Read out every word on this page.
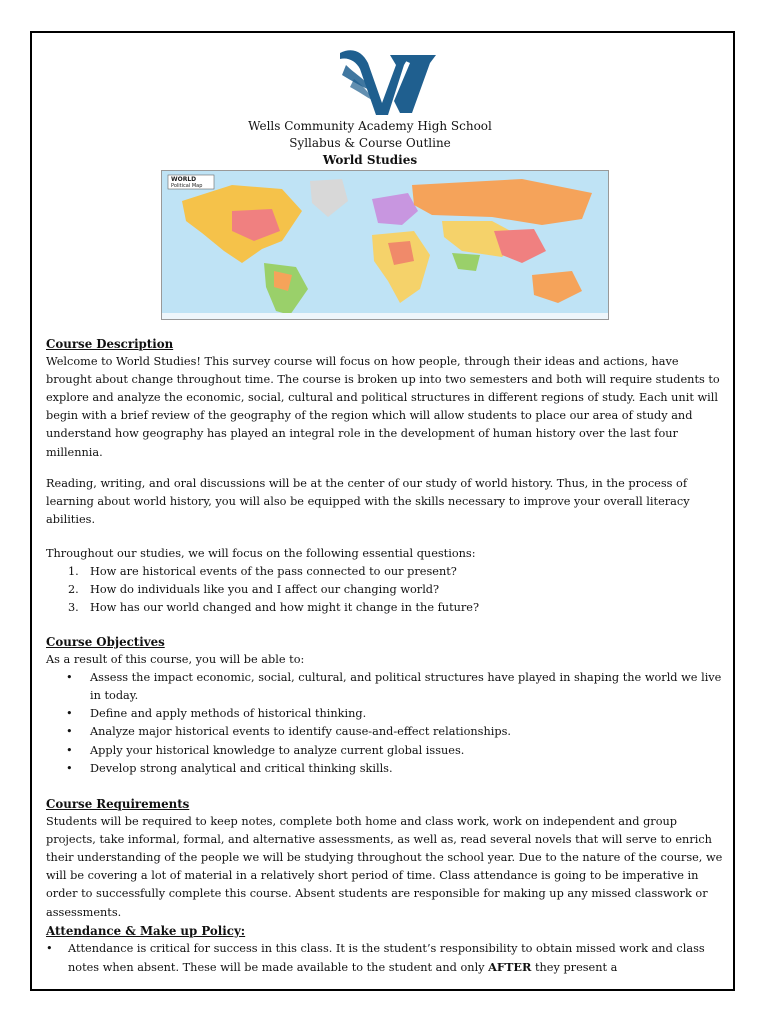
Wells Community Academy High School
Syllabus & Course Outline
World Studies
WORLD
Political Map
Course Description

Welcome to World Studies! This survey course will focus on how people, through their ideas and actions, have brought about change throughout time. The course is broken up into two semesters and both will require students to explore and analyze the economic, social, cultural and political structures in different regions of study. Each unit will begin with a brief review of the geography of the region which will allow students to place our area of study and understand how geography has played an integral role in the development of human history over the last four millennia.

Reading, writing, and oral discussions will be at the center of our study of world history. Thus, in the process of learning about world history, you will also be equipped with the skills necessary to improve your overall literacy abilities.

Throughout our studies, we will focus on the following essential questions:

1. How are historical events of the pass connected to our present?
2. How do individuals like you and I affect our changing world?
3. How has our world changed and how might it change in the future?
Course Objectives

As a result of this course, you will be able to:

• Assess the impact economic, social, cultural, and political structures have played in shaping the world we live in today.
• Define and apply methods of historical thinking.
• Analyze major historical events to identify cause-and-effect relationships.
• Apply your historical knowledge to analyze current global issues.
• Develop strong analytical and critical thinking skills.
Course Requirements

Students will be required to keep notes, complete both home and class work, work on independent and group projects, take informal, formal, and alternative assessments, as well as, read several novels that will serve to enrich their understanding of the people we will be studying throughout the school year. Due to the nature of the course, we will be covering a lot of material in a relatively short period of time. Class attendance is going to be imperative in order to successfully complete this course. Absent students are responsible for making up any missed classwork or assessments.

Attendance & Make up Policy:
• Attendance is critical for success in this class. It is the student’s responsibility to obtain missed work and class notes when absent. These will be made available to the student and only AFTER they present a
